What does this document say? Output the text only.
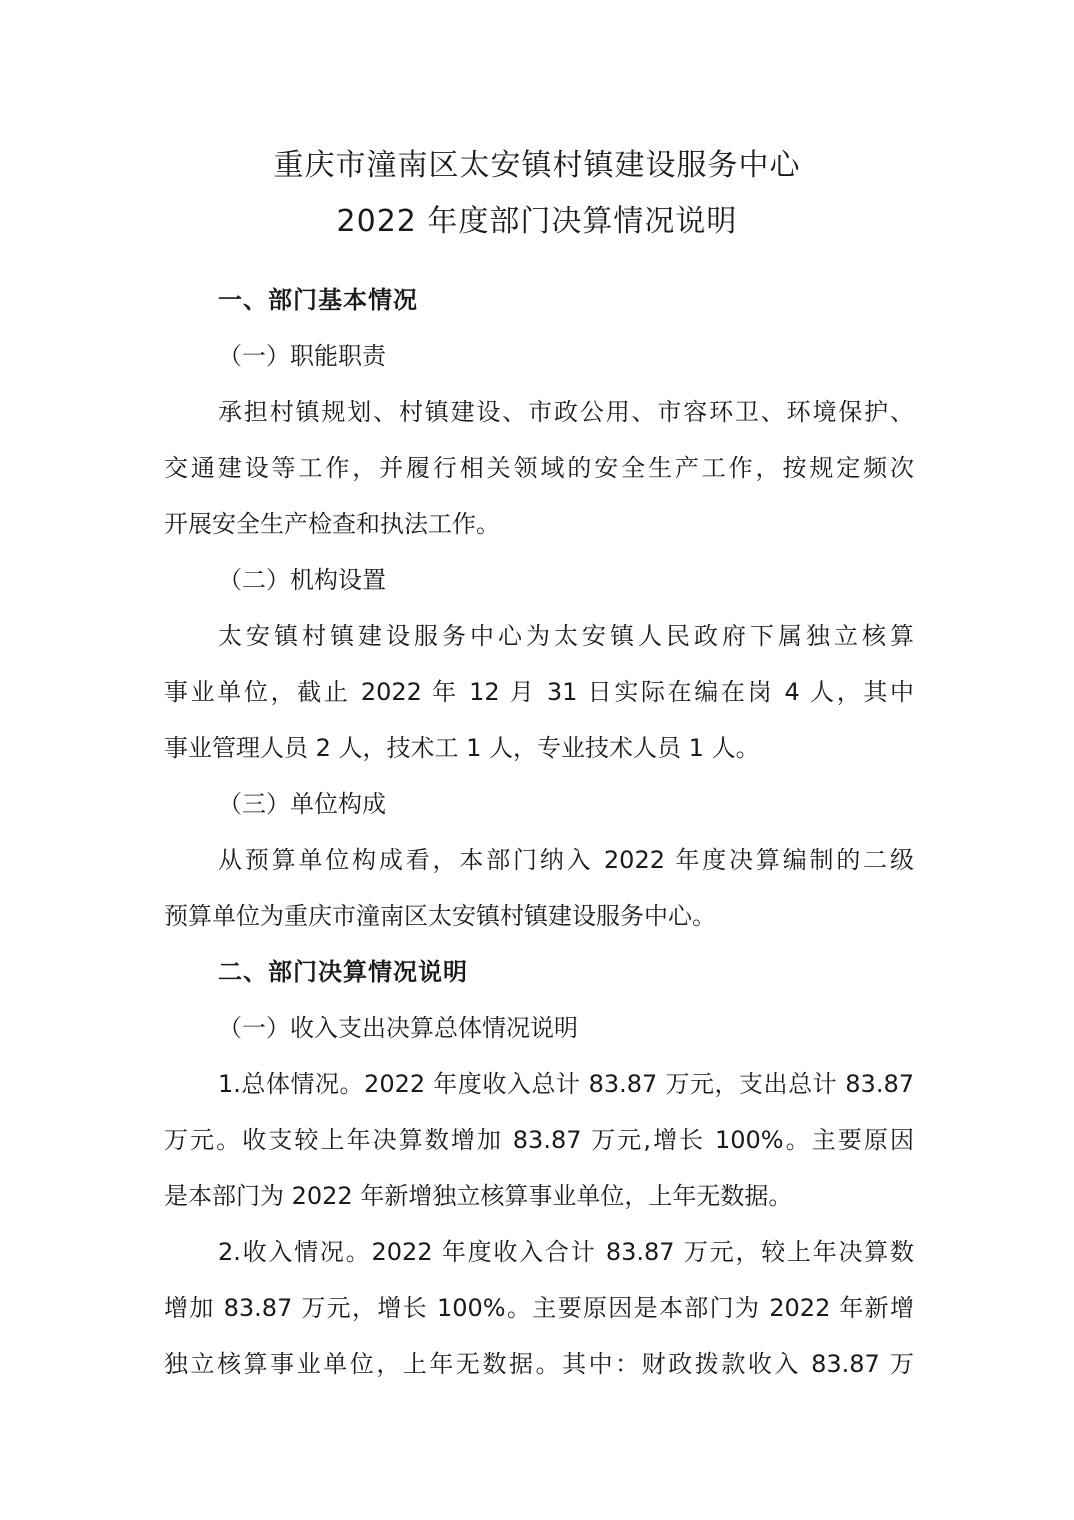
重庆市潼南区太安镇村镇建设服务中心
2022 年度部门决算情况说明

一、部门基本情况

（一）职能职责

承担村镇规划、村镇建设、市政公用、市容环卫、环境保护、

交通建设等工作，并履行相关领域的安全生产工作，按规定频次

开展安全生产检查和执法工作。

（二）机构设置

太安镇村镇建设服务中心为太安镇人民政府下属独立核算

事业单位，截止 2022 年 12 月 31 日实际在编在岗 4 人，其中

事业管理人员 2 人，技术工 1 人，专业技术人员 1 人。

（三）单位构成

从预算单位构成看，本部门纳入 2022 年度决算编制的二级

预算单位为重庆市潼南区太安镇村镇建设服务中心。

二、部门决算情况说明

（一）收入支出决算总体情况说明

1.总体情况。2022 年度收入总计 83.87 万元，支出总计 83.87

万元。收支较上年决算数增加 83.87 万元,增长 100%。主要原因

是本部门为 2022 年新增独立核算事业单位，上年无数据。

2.收入情况。2022 年度收入合计 83.87 万元，较上年决算数

增加 83.87 万元，增长 100%。主要原因是本部门为 2022 年新增

独立核算事业单位，上年无数据。其中：财政拨款收入 83.87 万
